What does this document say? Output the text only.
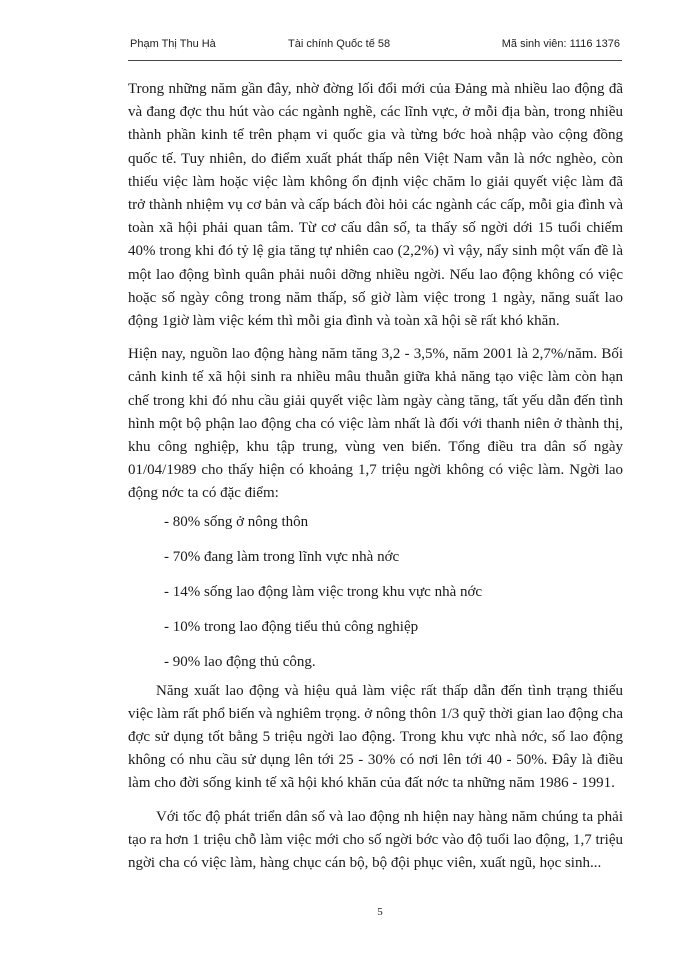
Phạm Thị Thu Hà	Tài chính Quốc tế 58	Mã sinh viên: 1116 1376

Trong những năm gần đây, nhờ đờng lối đổi mới của Đảng mà nhiều lao động đã và đang đợc thu hút vào các ngành nghề, các lĩnh vực, ở mỗi địa bàn, trong nhiều thành phần kinh tế trên phạm vi quốc gia và từng bớc hoà nhập vào cộng đồng quốc tế. Tuy nhiên, do điểm xuất phát thấp nên Việt Nam vẫn là nớc nghèo, còn thiếu việc làm hoặc việc làm không ổn định việc chăm lo giải quyết việc làm đã trở thành nhiệm vụ cơ bản và cấp bách đòi hỏi các ngành các cấp, mỗi gia đình và toàn xã hội phải quan tâm. Từ cơ cấu dân số, ta thấy số ngời dới 15 tuổi chiếm 40% trong khi đó tỷ lệ gia tăng tự nhiên cao (2,2%) vì vậy, nẩy sinh một vấn đề là một lao động bình quân phải nuôi dỡng nhiều ngời. Nếu lao động không có việc hoặc số ngày công trong năm thấp, số giờ làm việc trong 1 ngày, năng suất lao động 1giờ làm việc kém thì mỗi gia đình và toàn xã hội sẽ rất khó khăn.

Hiện nay, nguồn lao động hàng năm tăng 3,2 - 3,5%, năm 2001 là 2,7%/năm. Bối cảnh kinh tế xã hội sinh ra nhiều mâu thuẫn giữa khả năng tạo việc làm còn hạn chế trong khi đó nhu cầu giải quyết việc làm ngày càng tăng, tất yếu dẫn đến tình hình một bộ phận lao động cha có việc làm nhất là đối với thanh niên ở thành thị, khu công nghiệp, khu tập trung, vùng ven biển. Tổng điều tra dân số ngày 01/04/1989 cho thấy hiện có khoảng 1,7 triệu ngời không có việc làm. Ngời lao động nớc ta có đặc điểm:

- 80% sống ở nông thôn
- 70% đang làm trong lĩnh vực nhà nớc
- 14% sống lao động làm việc trong khu vực nhà nớc
- 10% trong lao động tiểu thủ công nghiệp
- 90% lao động thủ công.

Năng xuất lao động và hiệu quả làm việc rất thấp dẫn đến tình trạng thiếu việc làm rất phổ biến và nghiêm trọng. ở nông thôn 1/3 quỹ thời gian lao động cha đợc sử dụng tốt bằng 5 triệu ngời lao động. Trong khu vực nhà nớc, số lao động không có nhu cầu sử dụng lên tới 25 - 30% có nơi lên tới 40 - 50%. Đây là điều làm cho đời sống kinh tế xã hội khó khăn của đất nớc ta những năm 1986 - 1991.

Với tốc độ phát triển dân số và lao động nh hiện nay hàng năm chúng ta phải tạo ra hơn 1 triệu chỗ làm việc mới cho số ngời bớc vào độ tuổi lao động, 1,7 triệu ngời cha có việc làm, hàng chục cán bộ, bộ đội phục viên, xuất ngũ, học sinh...

5
